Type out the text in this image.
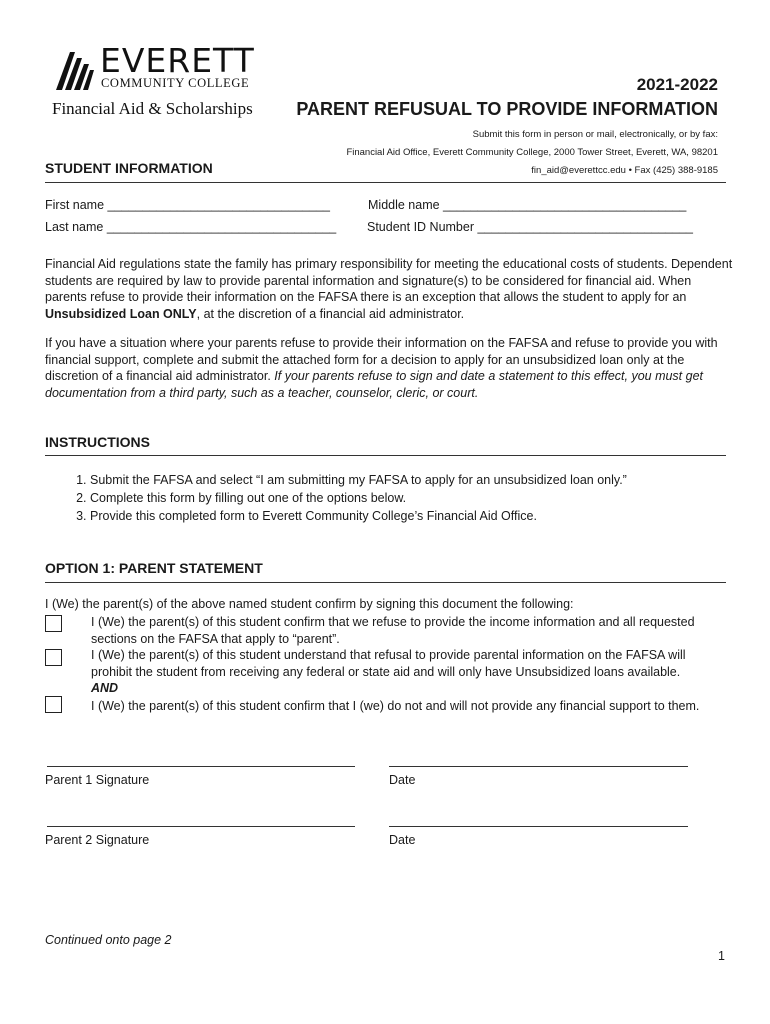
EVERETT
COMMUNITY COLLEGE
Financial Aid & Scholarships
2021-2022
PARENT REFUSUAL TO PROVIDE INFORMATION
Submit this form in person or mail, electronically, or by fax:
Financial Aid Office, Everett Community College, 2000 Tower Street, Everett, WA, 98201
fin_aid@everettcc.edu • Fax (425) 388-9185
STUDENT INFORMATION
First name ________________________________	Middle name ___________________________________
Last name _________________________________ Student ID Number _______________________________

Financial Aid regulations state the family has primary responsibility for meeting the educational costs of students. Dependent students are required by law to provide parental information and signature(s) to be considered for financial aid. When parents refuse to provide their information on the FAFSA there is an exception that allows the student to apply for an Unsubsidized Loan ONLY, at the discretion of a financial aid administrator.

If you have a situation where your parents refuse to provide their information on the FAFSA and refuse to provide you with financial support, complete and submit the attached form for a decision to apply for an unsubsidized loan only at the discretion of a financial aid administrator. If your parents refuse to sign and date a statement to this effect, you must get documentation from a third party, such as a teacher, counselor, cleric, or court.

INSTRUCTIONS
1. Submit the FAFSA and select “I am submitting my FAFSA to apply for an unsubsidized loan only.”
2. Complete this form by filling out one of the options below.
3. Provide this completed form to Everett Community College’s Financial Aid Office.
OPTION 1: PARENT STATEMENT
I (We) the parent(s) of the above named student confirm by signing this document the following:
I (We) the parent(s) of this student confirm that we refuse to provide the income information and all requested sections on the FAFSA that apply to “parent”.
I (We) the parent(s) of this student understand that refusal to provide parental information on the FAFSA will prohibit the student from receiving any federal or state aid and will only have Unsubsidized loans available.
AND
I (We) the parent(s) of this student confirm that I (we) do not and will not provide any financial support to them.
Parent 1 Signature	Date
Parent 2 Signature	Date
Continued onto page 2
1
